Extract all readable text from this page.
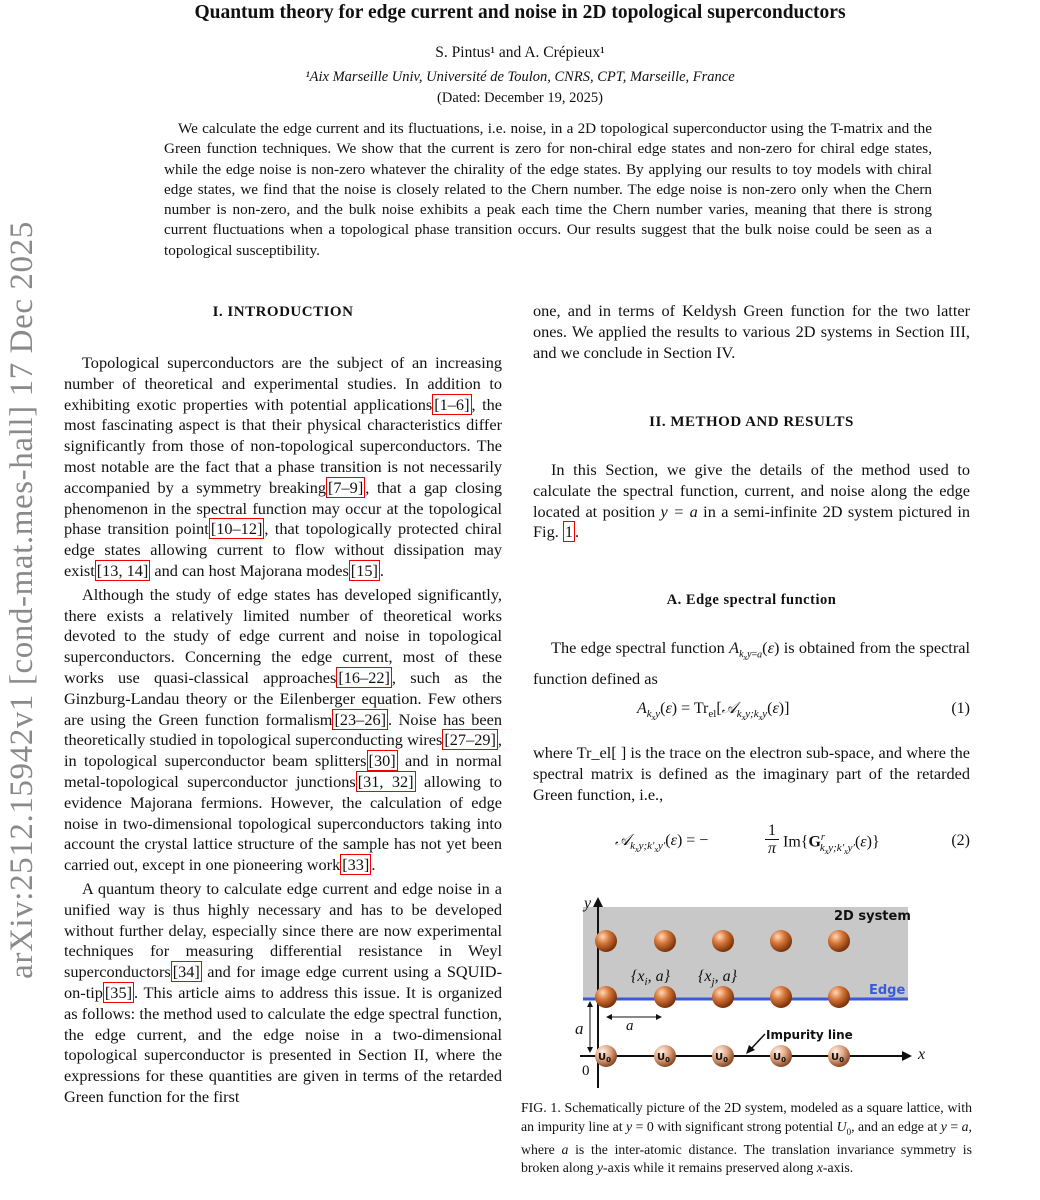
arXiv:2512.15942v1 [cond-mat.mes-hall] 17 Dec 2025
Quantum theory for edge current and noise in 2D topological superconductors
S. Pintus¹ and A. Crépieux¹
¹Aix Marseille Univ, Université de Toulon, CNRS, CPT, Marseille, France
(Dated: December 19, 2025)

We calculate the edge current and its fluctuations, i.e. noise, in a 2D topological superconductor using the T-matrix and the Green function techniques. We show that the current is zero for non-chiral edge states and non-zero for chiral edge states, while the edge noise is non-zero whatever the chirality of the edge states. By applying our results to toy models with chiral edge states, we find that the noise is closely related to the Chern number. The edge noise is non-zero only when the Chern number is non-zero, and the bulk noise exhibits a peak each time the Chern number varies, meaning that there is strong current fluctuations when a topological phase transition occurs. Our results suggest that the bulk noise could be seen as a topological susceptibility.

I. INTRODUCTION

Topological superconductors are the subject of an increasing number of theoretical and experimental studies. In addition to exhibiting exotic properties with potential applications [1–6] , the most fascinating aspect is that their physical characteristics differ significantly from those of non-topological superconductors. The most notable are the fact that a phase transition is not necessarily accompanied by a symmetry breaking [7–9] , that a gap closing phenomenon in the spectral function may occur at the topological phase transition point [10–12] , that topologically protected chiral edge states allowing current to flow without dissipation may exist [13, 14] and can host Majorana modes [15] .

Although the study of edge states has developed significantly, there exists a relatively limited number of theoretical works devoted to the study of edge current and noise in topological superconductors. Concerning the edge current, most of these works use quasi-classical approaches [16–22] , such as the Ginzburg-Landau theory or the Eilenberger equation. Few others are using the Green function formalism [23–26] . Noise has been theoretically studied in topological superconducting wires [27–29] , in topological superconductor beam splitters [30] and in normal metal-topological superconductor junctions [31, 32] allowing to evidence Majorana fermions. However, the calculation of edge noise in two-dimensional topological superconductors taking into account the crystal lattice structure of the sample has not yet been carried out, except in one pioneering work [33] .

A quantum theory to calculate edge current and edge noise in a unified way is thus highly necessary and has to be developed without further delay, especially since there are now experimental techniques for measuring differential resistance in Weyl superconductors [34] and for image edge current using a SQUID-on-tip [35] . This article aims to address this issue. It is organized as follows: the method used to calculate the edge spectral function, the edge current, and the edge noise in a two-dimensional topological superconductor is presented in Section II, where the expressions for these quantities are given in terms of the retarded Green function for the first

one, and in terms of Keldysh Green function for the two latter ones. We applied the results to various 2D systems in Section III, and we conclude in Section IV.

II. METHOD AND RESULTS

In this Section, we give the details of the method used to calculate the spectral function, current, and noise along the edge located at position y = a in a semi-infinite 2D system pictured in Fig. 1 .

A. Edge spectral function

The edge spectral function $A_{k_xy=a}(\varepsilon)$ is obtained from the spectral function defined as

$A_{k_xy}(\varepsilon)$ = $Tr_{el}[𝒜_{k_xy;k_xy}(\varepsilon)]$	(1)

where Tr_el[ ] is the trace on the electron sub-space, and where the spectral matrix is defined as the imaginary part of the retarded Green function, i.e.,

𝒜$_{k_xy;k'_xy'}$(ε) = −
1

π $Im\{G^r_{k_xy;k'_xy'}(\varepsilon)\}$	(2)
$U_0$	$U_0$	$U_0$	$U_0$	$U_0$
2D system
Edge
Impurity line
{$x_i$, a} {$x_j$, a}
y
x
a	a
0
FIG. 1. Schematically picture of the 2D system, modeled as a square lattice, with an impurity line at y = 0 with significant strong potential $U_0$, and an edge at y = a, where a is the inter-atomic distance. The translation invariance symmetry is broken along y-axis while it remains preserved along x-axis.
